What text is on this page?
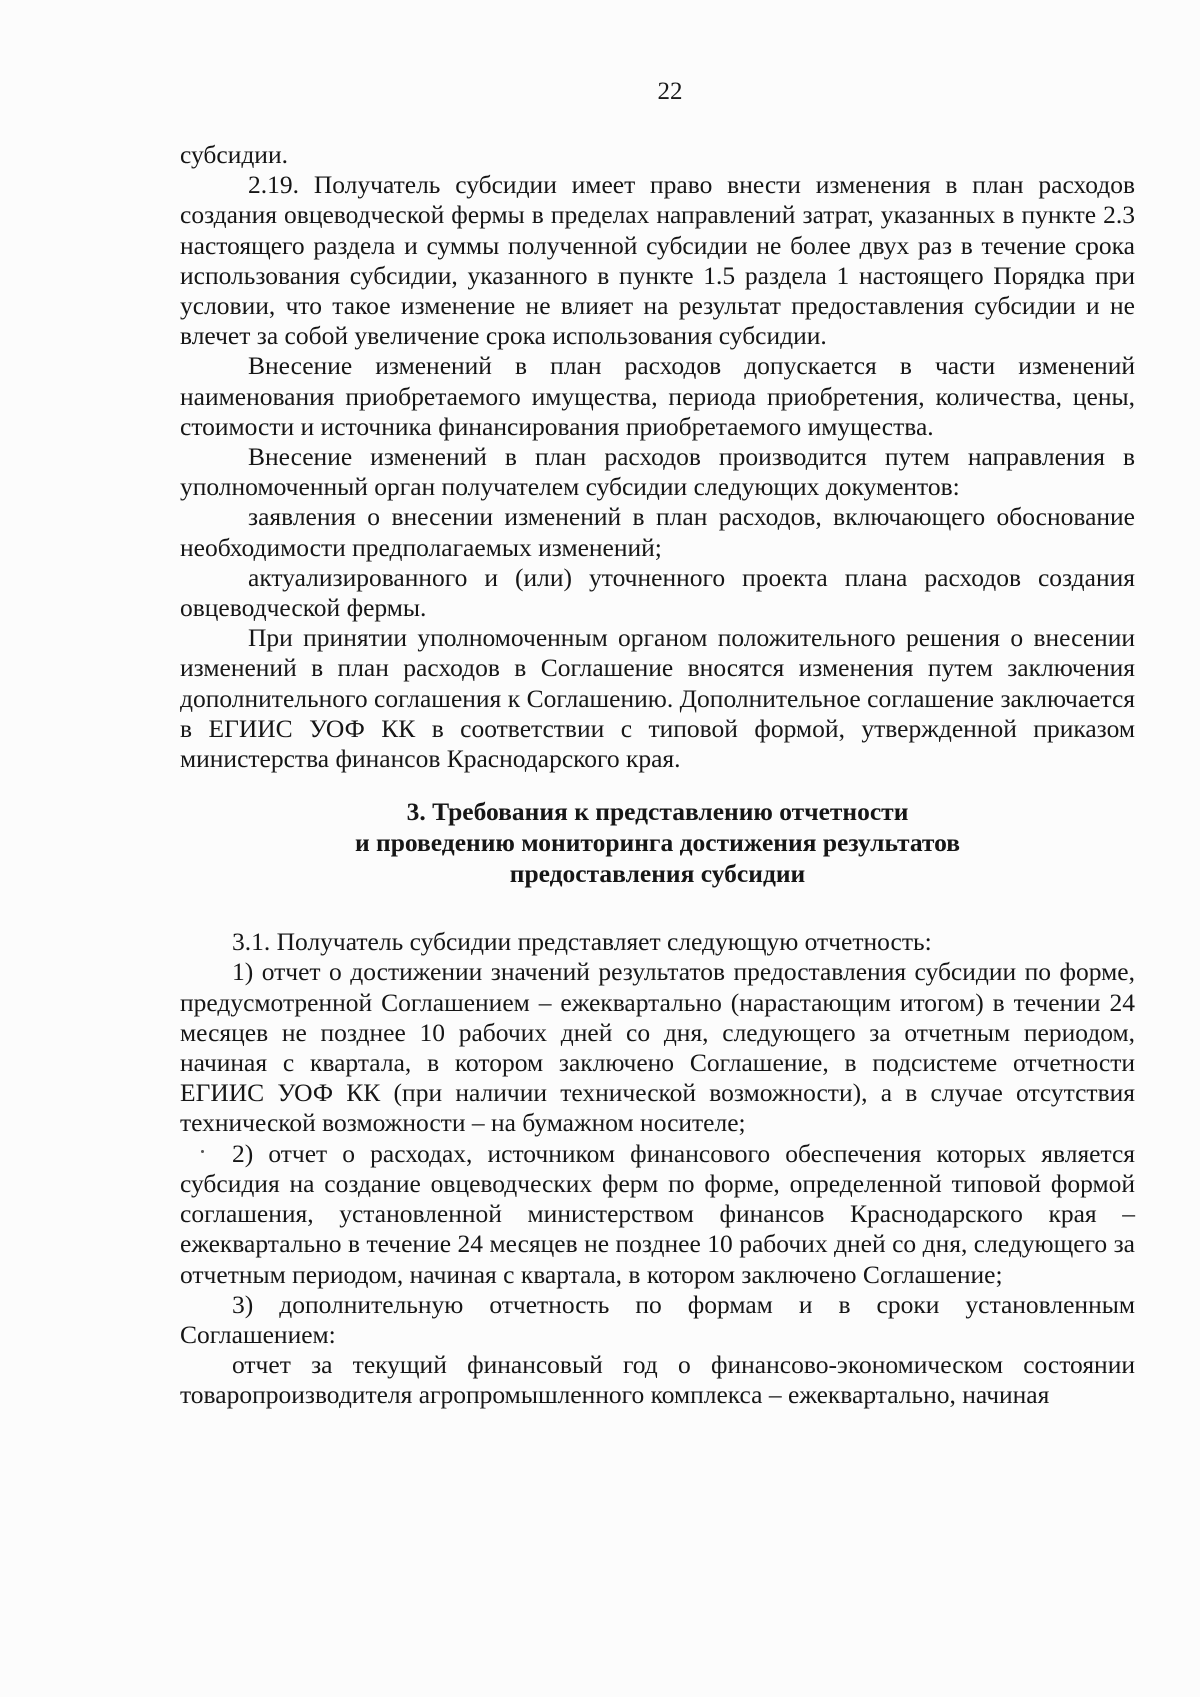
22

субсидии.

2.19. Получатель субсидии имеет право внести изменения в план расходов создания овцеводческой фермы в пределах направлений затрат, указанных в пункте 2.3 настоящего раздела и суммы полученной субсидии не более двух раз в течение срока использования субсидии, указанного в пункте 1.5 раздела 1 настоящего Порядка при условии, что такое изменение не влияет на результат предоставления субсидии и не влечет за собой увеличение срока использования субсидии.

Внесение изменений в план расходов допускается в части изменений наименования приобретаемого имущества, периода приобретения, количества, цены, стоимости и источника финансирования приобретаемого имущества.

Внесение изменений в план расходов производится путем направления в уполномоченный орган получателем субсидии следующих документов:

заявления о внесении изменений в план расходов, включающего обоснование необходимости предполагаемых изменений;

актуализированного и (или) уточненного проекта плана расходов создания овцеводческой фермы.

При принятии уполномоченным органом положительного решения о внесении изменений в план расходов в Соглашение вносятся изменения путем заключения дополнительного соглашения к Соглашению. Дополнительное соглашение заключается в ЕГИИС УОФ КК в соответствии с типовой формой, утвержденной приказом министерства финансов Краснодарского края.

3. Требования к представлению отчетности
и проведению мониторинга достижения результатов
предоставления субсидии

3.1. Получатель субсидии представляет следующую отчетность:

1) отчет о достижении значений результатов предоставления субсидии по форме, предусмотренной Соглашением – ежеквартально (нарастающим итогом) в течении 24 месяцев не позднее 10 рабочих дней со дня, следующего за отчетным периодом, начиная с квартала, в котором заключено Соглашение, в подсистеме отчетности ЕГИИС УОФ КК (при наличии технической возможности), а в случае отсутствия технической возможности – на бумажном носителе;

2) отчет о расходах, источником финансового обеспечения которых является субсидия на создание овцеводческих ферм по форме, определенной типовой формой соглашения, установленной министерством финансов Краснодарского края – ежеквартально в течение 24 месяцев не позднее 10 рабочих дней со дня, следующего за отчетным периодом, начиная с квартала, в котором заключено Соглашение;

3) дополнительную отчетность по формам и в сроки установленным Соглашением:

отчет за текущий финансовый год о финансово-экономическом состоянии товаропроизводителя агропромышленного комплекса – ежеквартально, начиная
